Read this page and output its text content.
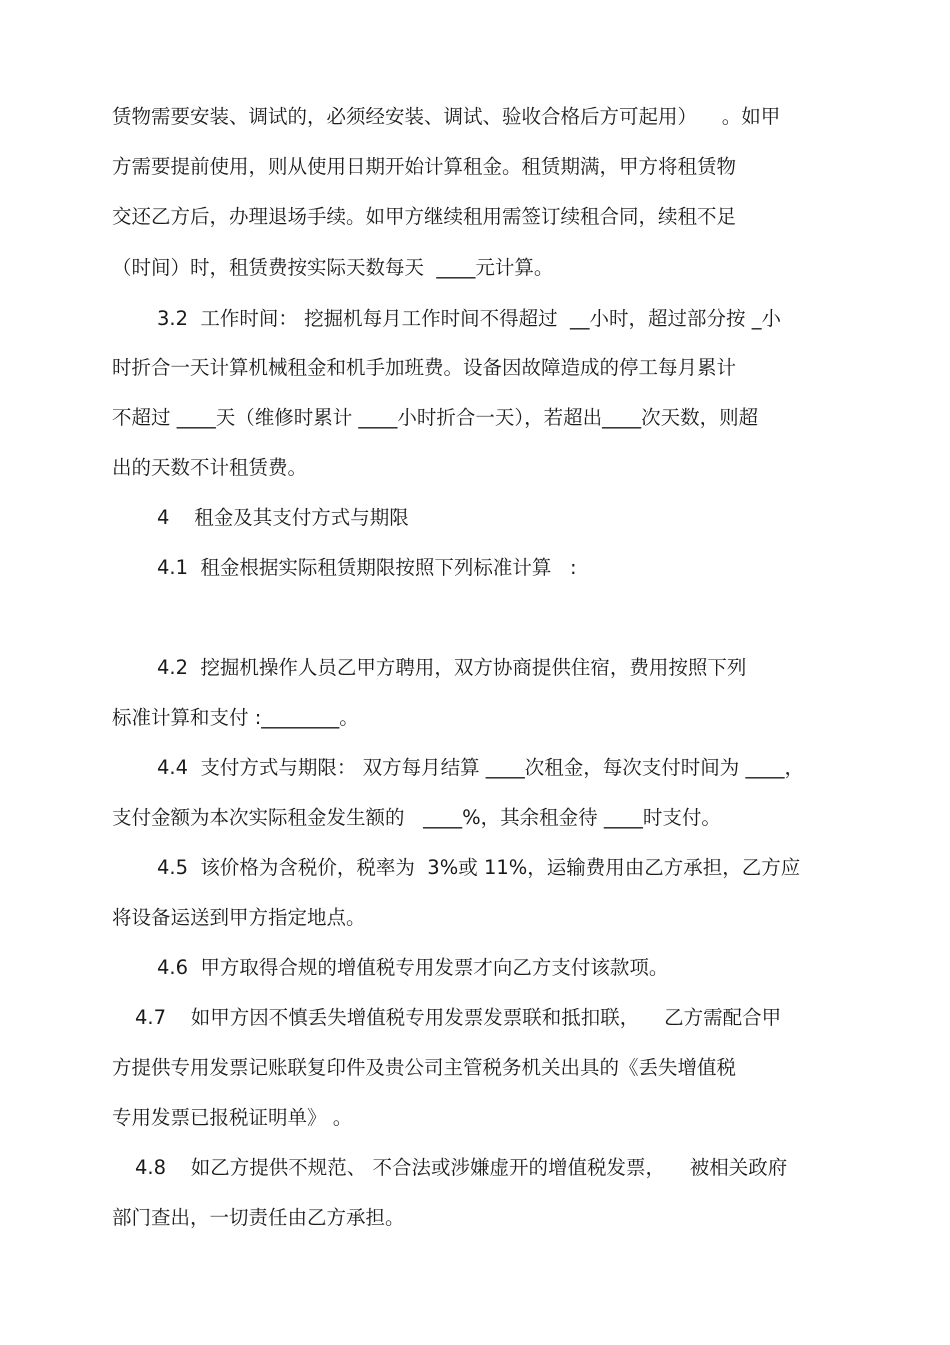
赁物需要安装、调试的，必须经安装、调试、验收合格后方可起用）    。如甲

方需要提前使用，则从使用日期开始计算租金。租赁期满，甲方将租赁物

交还乙方后，办理退场手续。如甲方继续租用需签订续租合同，续租不足

（时间）时，租赁费按实际天数每天  ____元计算。

3.2  工作时间： 挖掘机每月工作时间不得超过  __小时，超过部分按 _小

时折合一天计算机械租金和机手加班费。设备因故障造成的停工每月累计

不超过 ____天（维修时累计 ____小时折合一天），若超出____次天数，则超

出的天数不计租赁费。

4    租金及其支付方式与期限

4.1  租金根据实际租赁期限按照下列标准计算   :

4.2  挖掘机操作人员乙甲方聘用，双方协商提供住宿，费用按照下列

标准计算和支付 :________。

4.4  支付方式与期限： 双方每月结算 ____次租金，每次支付时间为 ____，

支付金额为本次实际租金发生额的   ____%，其余租金待 ____时支付。

4.5  该价格为含税价，税率为  3%或 11%，运输费用由乙方承担，乙方应

将设备运送到甲方指定地点。

4.6  甲方取得合规的增值税专用发票才向乙方支付该款项。

4.7    如甲方因不慎丢失增值税专用发票发票联和抵扣联，    乙方需配合甲

方提供专用发票记账联复印件及贵公司主管税务机关出具的《丢失增值税

专用发票已报税证明单》 。

4.8    如乙方提供不规范、 不合法或涉嫌虚开的增值税发票，    被相关政府

部门查出，一切责任由乙方承担。
